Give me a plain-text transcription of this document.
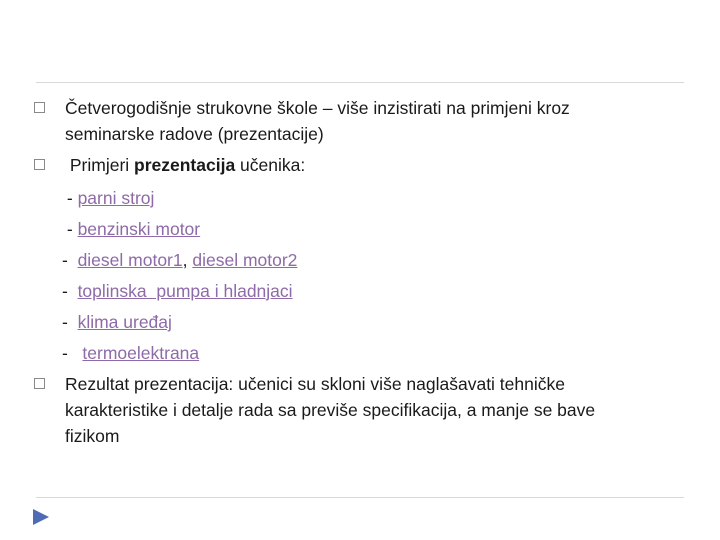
Četverogodišnje strukovne škole – više inzistirati na primjeni kroz
seminarske radove (prezentacije)
Primjeri prezentacija učenika:
- parni stroj
- benzinski motor
-  diesel motor1, diesel motor2
-  toplinska  pumpa i hladnjaci
-  klima uređaj
-   termoelektrana
Rezultat prezentacija: učenici su skloni više naglašavati tehničke
karakteristike i detalje rada sa previše specifikacija, a manje se bave
fizikom
